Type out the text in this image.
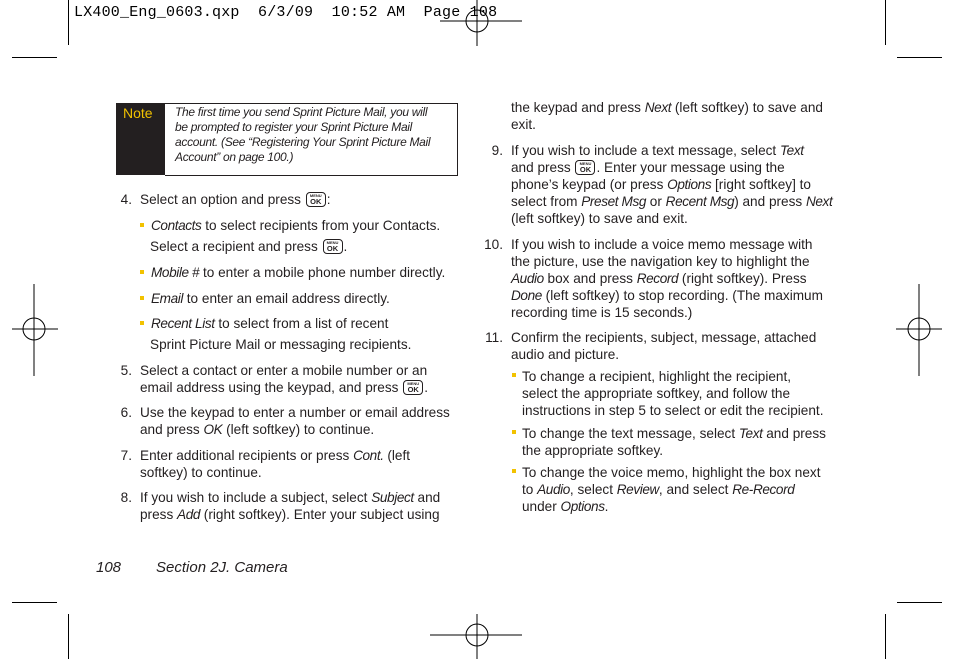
LX400_Eng_0603.qxp  6/3/09  10:52 AM  Page 108
Note The first time you send Sprint Picture Mail, you will
be prompted to register your Sprint Picture Mail
account. (See “Registering Your Sprint Picture Mail
Account” on page 100.)
4. Select an option and press	MENU
OK :
Contacts to select recipients from your Contacts.
Select a recipient and press	MENU
OK .
Mobile # to enter a mobile phone number directly.
Email to enter an email address directly.
Recent List to select from a list of recent
Sprint Picture Mail or messaging recipients.
5. Select a contact or enter a mobile number or an
email address using the keypad, and press	MENU
OK .
6. Use the keypad to enter a number or email address
and press OK (left softkey) to continue.
7. Enter additional recipients or press Cont. (left
softkey) to continue.
8. If you wish to include a subject, select Subject and
press Add (right softkey). Enter your subject using
the keypad and press Next (left softkey) to save and
exit.
9. If you wish to include a text message, select Text
and press	MENU
OK . Enter your message using the
phone’s keypad (or press Options [right softkey] to
select from Preset Msg or Recent Msg) and press Next
(left softkey) to save and exit.
10. If you wish to include a voice memo message with
the picture, use the navigation key to highlight the
Audio box and press Record (right softkey). Press
Done (left softkey) to stop recording. (The maximum
recording time is 15 seconds.)
11. Confirm the recipients, subject, message, attached
audio and picture.
To change a recipient, highlight the recipient,
select the appropriate softkey, and follow the
instructions in step 5 to select or edit the recipient.
To change the text message, select Text and press
the appropriate softkey.
To change the voice memo, highlight the box next
to Audio, select Review, and select Re-Record
under Options.
108 Section 2J. Camera
